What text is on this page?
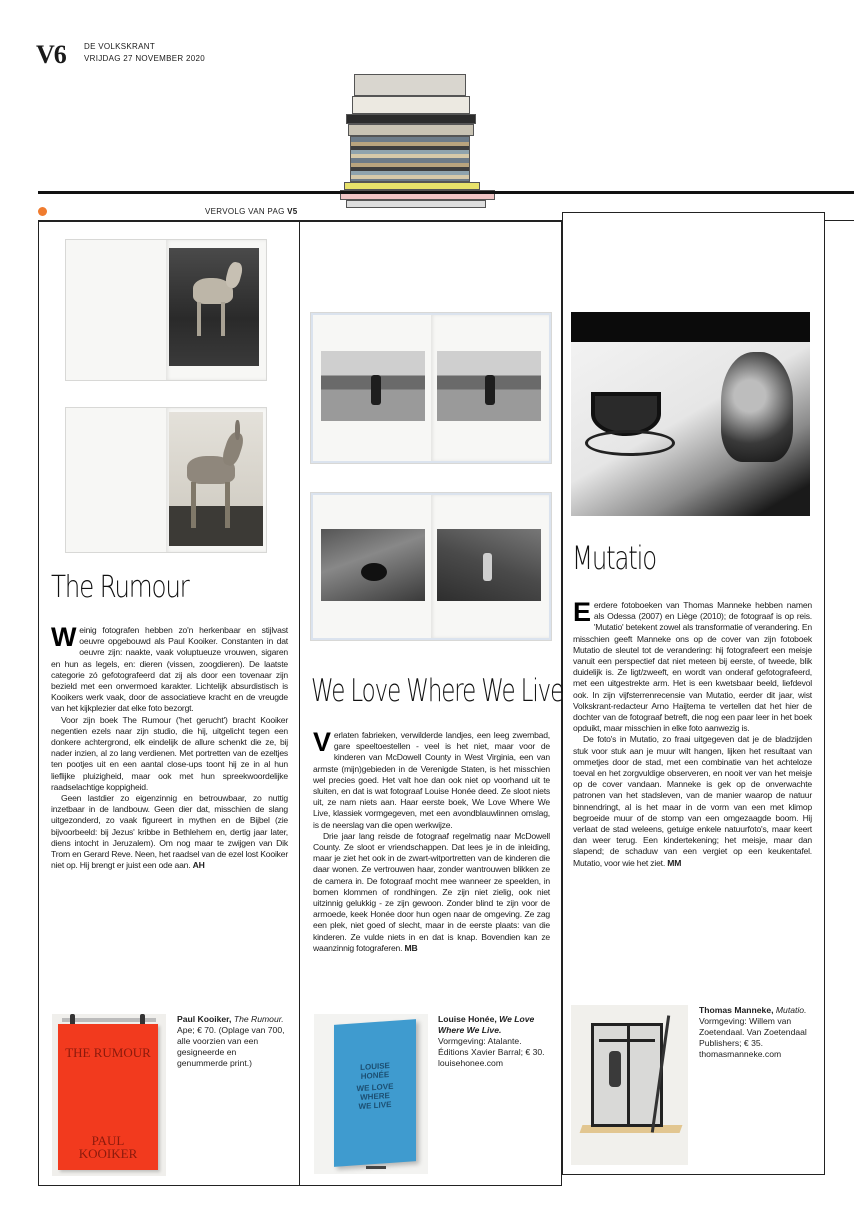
V6 DE VOLKSKRANT
VRIJDAG 27 NOVEMBER 2020
VERVOLG VAN PAG V5
The Rumour

Weinig fotografen hebben zo'n herkenbaar en stijlvast oeuvre opgebouwd als Paul Kooiker. Constanten in dat oeuvre zijn: naakte, vaak voluptueuze vrouwen, sigaren en hun as legels, en: dieren (vissen, zoogdieren). De laatste categorie zó gefotografeerd dat zij als door een tovenaar zijn bezield met een onvermoed karakter. Lichtelijk absurdistisch is Kooikers werk vaak, door de associatieve kracht en de vreugde van het kijkplezier dat elke foto bezorgt.

Voor zijn boek The Rumour ('het gerucht') bracht Kooiker negentien ezels naar zijn studio, die hij, uitgelicht tegen een donkere achtergrond, elk eindelijk de allure schenkt die ze, bij nader inzien, al zo lang verdienen. Met portretten van de ezeltjes ten pootjes uit en een aantal close-ups toont hij ze in al hun lieflijke pluizigheid, maar ook met hun spreekwoordelijke raadselachtige koppigheid.

Geen lastdier zo eigenzinnig en betrouwbaar, zo nuttig inzetbaar in de landbouw. Geen dier dat, misschien de slang uitgezonderd, zo vaak figureert in mythen en de Bijbel (zie bijvoorbeeld: bij Jezus' kribbe in Bethlehem en, dertig jaar later, diens intocht in Jeruzalem). Om nog maar te zwijgen van Dik Trom en Gerard Reve. Neen, het raadsel van de ezel lost Kooiker niet op. Hij brengt er juist een ode aan. AH

THE RUMOUR
PAUL KOOIKER
Paul Kooiker, The Rumour. Ape; € 70. (Oplage van 700, alle voorzien van een gesigneerde en genummerde print.)
We Love Where We Live

Verlaten fabrieken, verwilderde landjes, een leeg zwembad, gare speeltoestellen - veel is het niet, maar voor de kinderen van McDowell County in West Virginia, een van armste (mijn)gebieden in de Verenigde Staten, is het misschien wel precies goed. Het valt hoe dan ook niet op voorhand uit te sluiten, en dat is wat fotograaf Louise Honée deed. Ze sloot niets uit, ze nam niets aan. Haar eerste boek, We Love Where We Live, klassiek vormgegeven, met een avondblauwlinnen omslag, is de neerslag van die open werkwijze.

Drie jaar lang reisde de fotograaf regelmatig naar McDowell County. Ze sloot er vriendschappen. Dat lees je in de inleiding, maar je ziet het ook in de zwart-witportretten van de kinderen die daar wonen. Ze vertrouwen haar, zonder wantrouwen blikken ze de camera in. De fotograaf mocht mee wanneer ze speelden, in bomen klommen of rondhingen. Ze zijn niet zielig, ook niet uitzinnig gelukkig - ze zijn gewoon. Zonder blind te zijn voor de armoede, keek Honée door hun ogen naar de omgeving. Ze zag een plek, niet goed of slecht, maar in de eerste plaats: van die kinderen. Ze vulde niets in en dat is knap. Bovendien kan ze waanzinnig fotograferen. MB

LOUISE
HONÉE
WE LOVE
WHERE
WE LIVE
Louise Honée, We Love Where We Live. Vormgeving: Atalante. Éditions Xavier Barral; € 30. louisehonee.com
Mutatio

Eerdere fotoboeken van Thomas Manneke hebben namen als Odessa (2007) en Liège (2010); de fotograaf is op reis. 'Mutatio' betekent zowel als transformatie of verandering. En misschien geeft Manneke ons op de cover van zijn fotoboek Mutatio de sleutel tot de verandering: hij fotografeert een meisje vanuit een perspectief dat niet meteen bij eerste, of tweede, blik duidelijk is. Ze ligt/zweeft, en wordt van onderaf gefotografeerd, met een uitgestrekte arm. Het is een kwetsbaar beeld, liefdevol ook. In zijn vijfsterrenrecensie van Mutatio, eerder dit jaar, wist Volkskrant-redacteur Arno Haijtema te vertellen dat het hier de dochter van de fotograaf betreft, die nog een paar leer in het boek opduikt, maar misschien in elke foto aanwezig is.

De foto's in Mutatio, zo fraai uitgegeven dat je de bladzijden stuk voor stuk aan je muur wilt hangen, lijken het resultaat van ommetjes door de stad, met een combinatie van het achteloze toeval en het zorgvuldige observeren, en nooit ver van het meisje op de cover vandaan. Manneke is gek op de onverwachte patronen van het stadsleven, van de manier waarop de natuur binnendringt, al is het maar in de vorm van een met klimop begroeide muur of de stomp van een omgezaagde boom. Hij verlaat de stad weleens, getuige enkele natuurfoto's, maar keert dan weer terug. Een kindertekening; het meisje, maar dan slapend; de schaduw van een vergiet op een keukentafel. Mutatio, voor wie het ziet. MM

Thomas Manneke, Mutatio. Vormgeving: Willem van Zoetendaal. Van Zoetendaal Publishers; € 35. thomasmanneke.com
